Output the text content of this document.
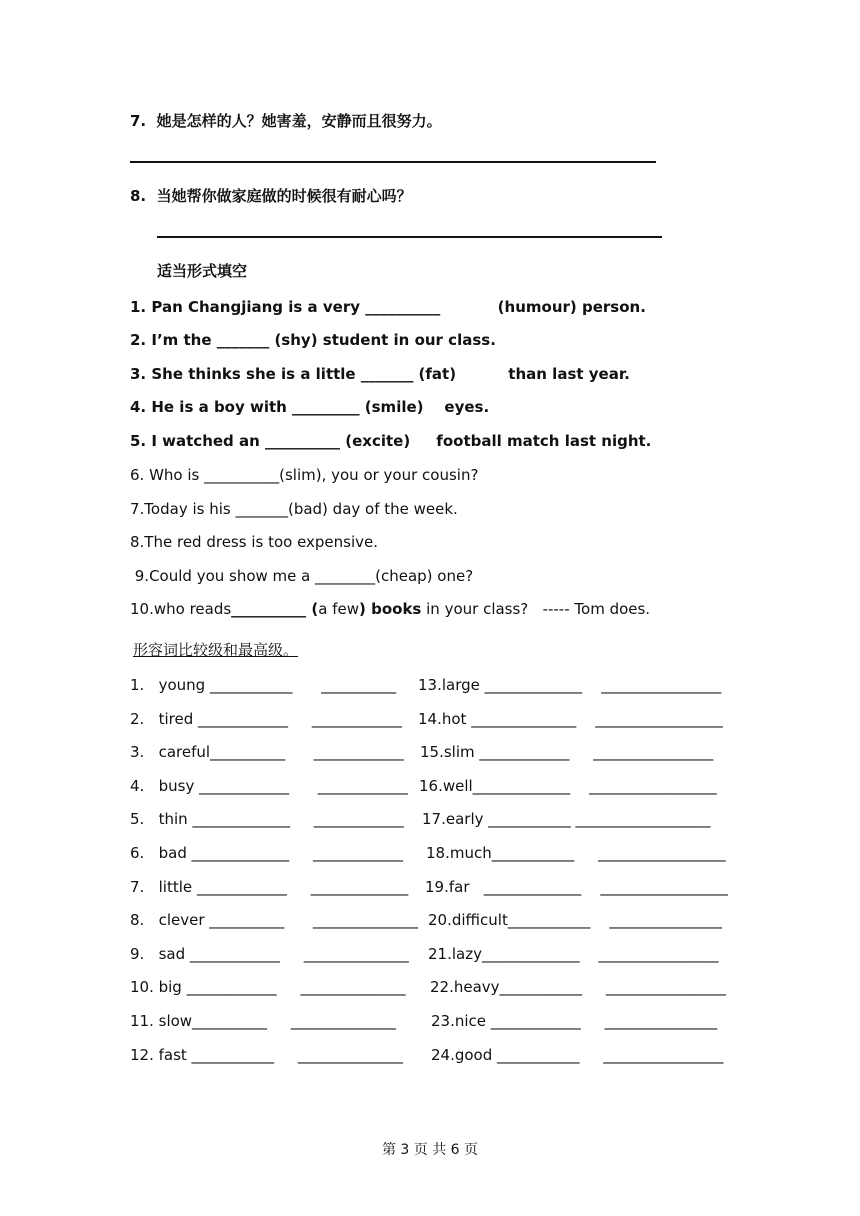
7.  她是怎样的人？她害羞，安静而且很努力。
8.  当她帮你做家庭做的时候很有耐心吗？
适当形式填空
1. Pan Changjiang is a very __________           (humour) person.
2. I’m the _______ (shy) student in our class.
3. She thinks she is a little _______ (fat)          than last year.
4. He is a boy with _________ (smile)    eyes.
5. I watched an __________ (excite)     football match last night.
6. Who is __________(slim), you or your cousin?
7.Today is his _______(bad) day of the week.
8.The red dress is too expensive.
9.Could you show me a ________(cheap) one?
10.who reads__________ (a few) books in your class?   ----- Tom does.
形容词比较级和最高级。
1.   young ___________      __________
2.   tired ____________     ____________
3.   careful__________      ____________
4.   busy ____________      ____________
5.   thin _____________     ____________
6.   bad _____________     ____________
7.   little ____________     _____________
8.   clever __________      ______________
9.   sad ____________     ______________
10. big ____________     ______________
11. slow__________     ______________
12. fast ___________     ______________
13.large _____________    ________________
14.hot ______________    _________________
15.slim ____________     ________________
16.well_____________    _________________
17.early ___________ __________________
18.much___________     _________________
19.far   _____________    _________________
20.difficult___________    _______________
21.lazy_____________    ________________
22.heavy___________     ________________
23.nice ____________     _______________
24.good ___________     ________________
第 3 页 共 6 页
